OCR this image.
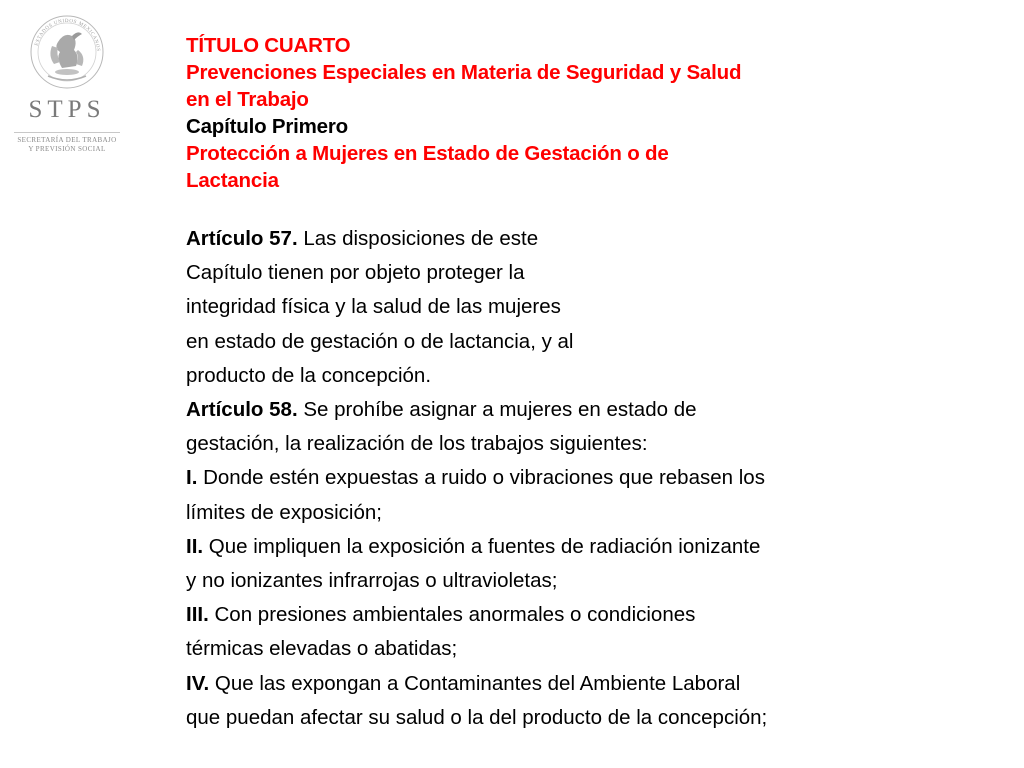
ESTADOS UNIDOS MEXICANOS
STPS
SECRETARÍA DEL TRABAJO
Y PREVISIÓN SOCIAL
TÍTULO CUARTO
Prevenciones Especiales en Materia de Seguridad y Salud
en el Trabajo
Capítulo Primero
Protección a Mujeres en Estado de Gestación o de
Lactancia
Artículo 57. Las disposiciones de este
Capítulo tienen por objeto proteger la
integridad física y la salud de las mujeres
en estado de gestación o de lactancia, y al
producto de la concepción.
Artículo 58. Se prohíbe asignar a mujeres en estado de
gestación, la realización de los trabajos siguientes:
I. Donde estén expuestas a ruido o vibraciones que rebasen los
límites de exposición;
II. Que impliquen la exposición a fuentes de radiación ionizante
y no ionizantes infrarrojas o ultravioletas;
III. Con presiones ambientales anormales o condiciones
térmicas elevadas o abatidas;
IV. Que las expongan a Contaminantes del Ambiente Laboral
que puedan afectar su salud o la del producto de la concepción;
